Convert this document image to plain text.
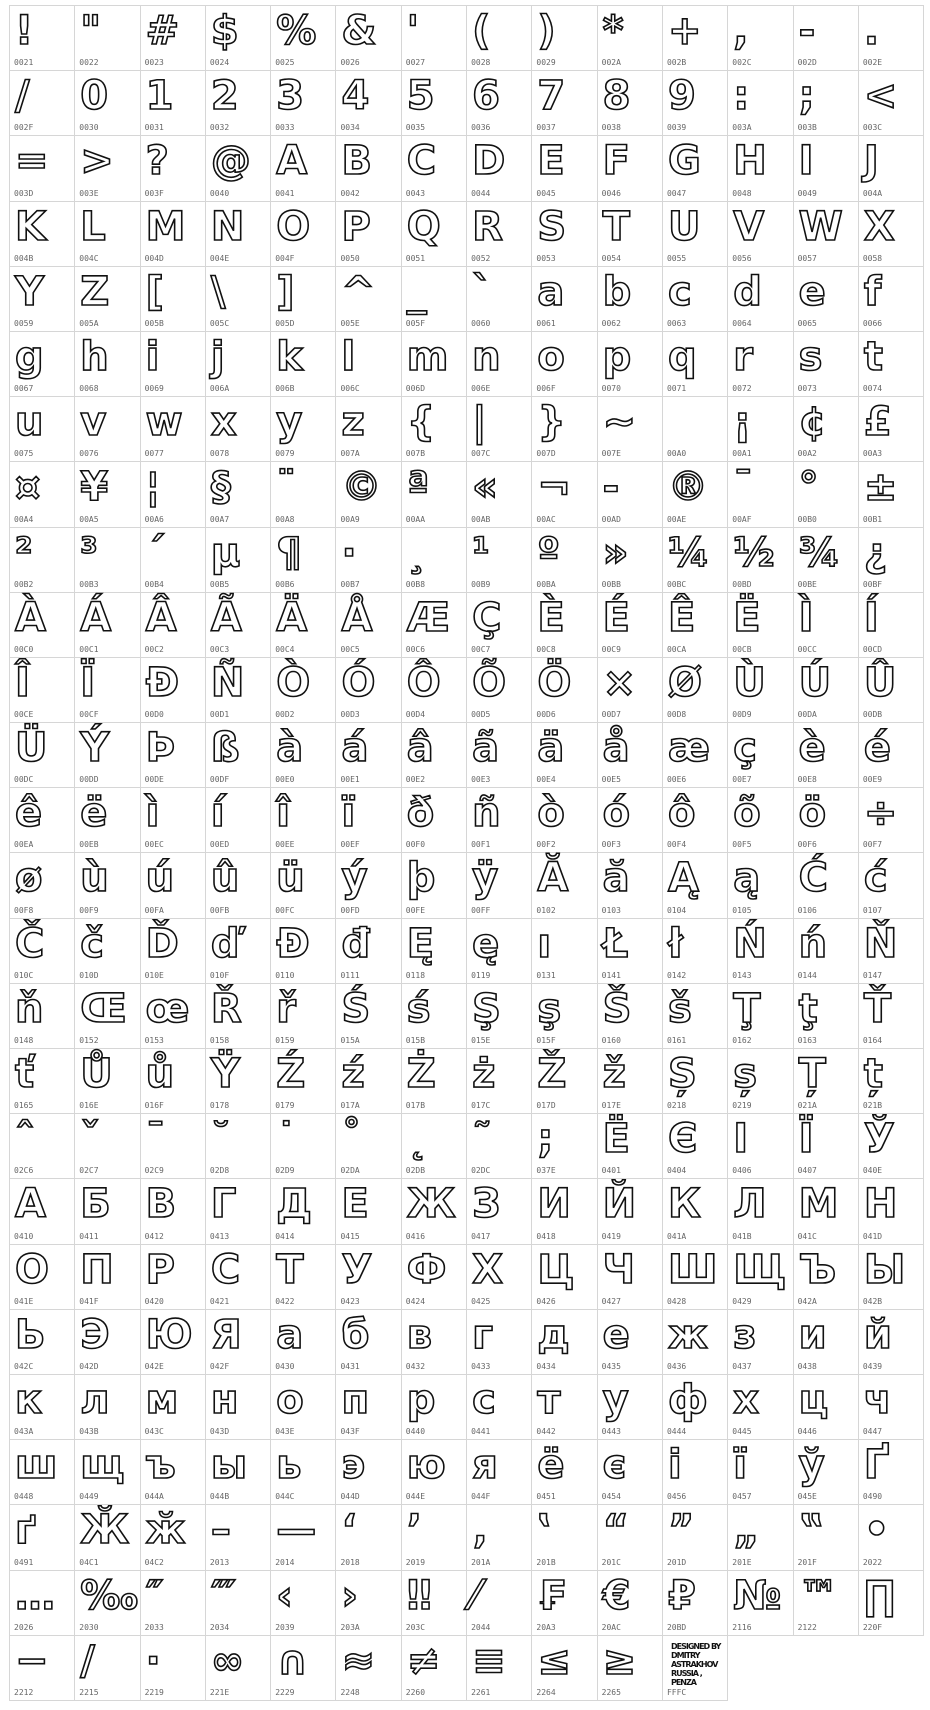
!
0021
"
0022
#
0023
$
0024
%
0025
&
0026
'
0027
(
0028
)
0029
*
002A
+
002B
,
002C
-
002D
.
002E
/
002F
0
0030
1
0031
2
0032
3
0033
4
0034
5
0035
6
0036
7
0037
8
0038
9
0039
:
003A
;
003B
<
003C
=
003D
>
003E
?
003F
@
0040
A
0041
B
0042
C
0043
D
0044
E
0045
F
0046
G
0047
H
0048
I
0049
J
004A
K
004B
L
004C
M
004D
N
004E
O
004F
P
0050
Q
0051
R
0052
S
0053
T
0054
U
0055
V
0056
W
0057
X
0058
Y
0059
Z
005A
[
005B
\
005C
]
005D
^
005E
_
005F
`
0060
a
0061
b
0062
c
0063
d
0064
e
0065
f
0066
g
0067
h
0068
i
0069
j
006A
k
006B
l
006C
m
006D
n
006E
o
006F
p
0070
q
0071
r
0072
s
0073
t
0074
u
0075
v
0076
w
0077
x
0078
y
0079
z
007A
{
007B
|
007C
}
007D
~
007E	00A0
¡
00A1
¢
00A2
£
00A3
¤
00A4
¥
00A5
¦
00A6
§
00A7
¨
00A8
©
00A9
ª
00AA
«
00AB
¬
00AC
-
00AD
®
00AE
¯
00AF
°
00B0
±
00B1
²
00B2
³
00B3
´
00B4
µ
00B5
¶
00B6
·
00B7
¸
00B8
¹
00B9
º
00BA
»
00BB
¼
00BC
½
00BD
¾
00BE
¿
00BF
À
00C0
Á
00C1
Â
00C2
Ã
00C3
Ä
00C4
Å
00C5
Æ
00C6
Ç
00C7
È
00C8
É
00C9
Ê
00CA
Ë
00CB
Ì
00CC
Í
00CD
Î
00CE
Ï
00CF
Ð
00D0
Ñ
00D1
Ò
00D2
Ó
00D3
Ô
00D4
Õ
00D5
Ö
00D6
×
00D7
Ø
00D8
Ù
00D9
Ú
00DA
Û
00DB
Ü
00DC
Ý
00DD
Þ
00DE
ß
00DF
à
00E0
á
00E1
â
00E2
ã
00E3
ä
00E4
å
00E5
æ
00E6
ç
00E7
è
00E8
é
00E9
ê
00EA
ë
00EB
ì
00EC
í
00ED
î
00EE
ï
00EF
ð
00F0
ñ
00F1
ò
00F2
ó
00F3
ô
00F4
õ
00F5
ö
00F6
÷
00F7
ø
00F8
ù
00F9
ú
00FA
û
00FB
ü
00FC
ý
00FD
þ
00FE
ÿ
00FF
Ă
0102
ă
0103
Ą
0104
ą
0105
Ć
0106
ć
0107
Č
010C
č
010D
Ď
010E
ď
010F
Đ
0110
đ
0111
Ę
0118
ę
0119
ı
0131
Ł
0141
ł
0142
Ń
0143
ń
0144
Ň
0147
ň
0148
Œ
0152
œ
0153
Ř
0158
ř
0159
Ś
015A
ś
015B
Ş
015E
ş
015F
Š
0160
š
0161
Ţ
0162
ţ
0163
Ť
0164
ť
0165
Ů
016E
ů
016F
Ÿ
0178
Ź
0179
ź
017A
Ż
017B
ż
017C
Ž
017D
ž
017E
Ș
0218
ș
0219
Ț
021A
ț
021B
ˆ
02C6
ˇ
02C7
ˉ
02C9
˘
02D8
˙
02D9
˚
02DA
˛
02DB
˜
02DC
;
037E
Ё
0401
Є
0404
І
0406
Ї
0407
Ў
040E
А
0410
Б
0411
В
0412
Г
0413
Д
0414
Е
0415
Ж
0416
З
0417
И
0418
Й
0419
К
041A
Л
041B
М
041C
Н
041D
О
041E
П
041F
Р
0420
С
0421
Т
0422
У
0423
Ф
0424
Х
0425
Ц
0426
Ч
0427
Ш
0428
Щ
0429
Ъ
042A
Ы
042B
Ь
042C
Э
042D
Ю
042E
Я
042F
а
0430
б
0431
в
0432
г
0433
д
0434
е
0435
ж
0436
з
0437
и
0438
й
0439
к
043A
л
043B
м
043C
н
043D
о
043E
п
043F
р
0440
с
0441
т
0442
у
0443
ф
0444
х
0445
ц
0446
ч
0447
ш
0448
щ
0449
ъ
044A
ы
044B
ь
044C
э
044D
ю
044E
я
044F
ё
0451
є
0454
і
0456
ї
0457
ў
045E
Ґ
0490
ґ
0491
Ӂ
04C1
ӂ
04C2
–
2013
—
2014
‘
2018
’
2019
‚
201A
‛
201B
“
201C
”
201D
„
201E
‟
201F
•
2022
…
2026
‰
2030
″
2033
‴
2034
‹
2039
›
203A
‼
203C
⁄
2044
₣
20A3
€
20AC
₽
20BD
№
2116
™
2122
∏
220F
−
2212
∕
2215
∙
2219
∞
221E
∩
2229
≈
2248
≠
2260
≡
2261
≤
2264
≥
2265
DESIGNED BY DMITRY ASTRAKHOV RUSSIA , PENZA
FFFC
